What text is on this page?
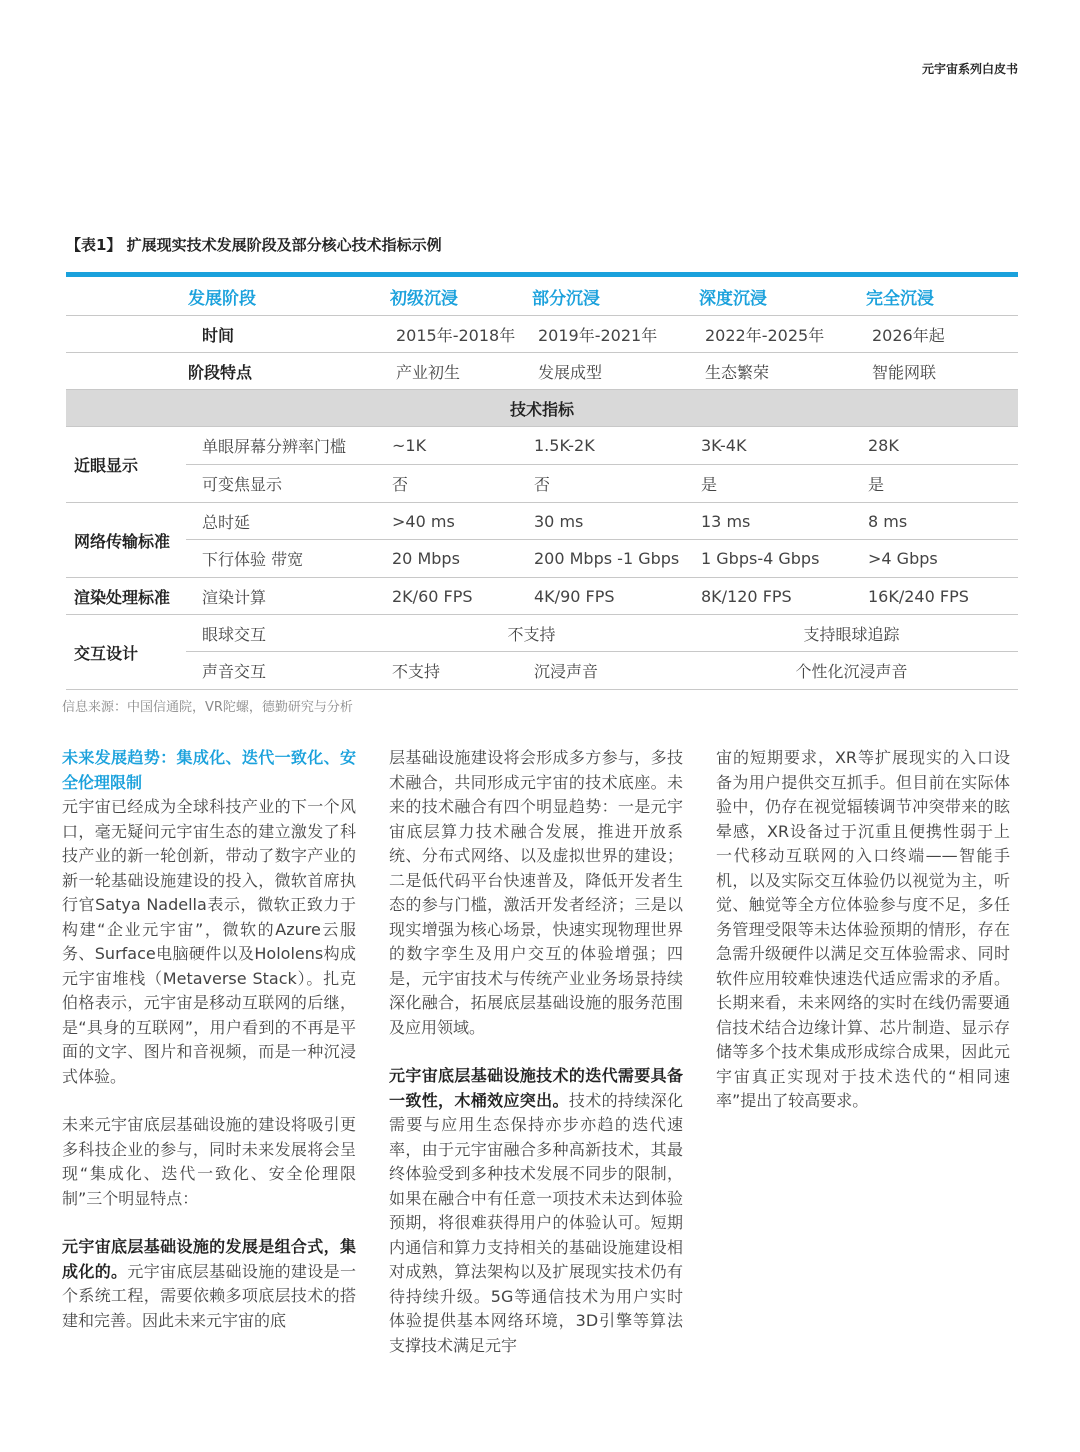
元宇宙系列白皮书
【表1】 扩展现实技术发展阶段及部分核心技术指标示例
	发展阶段	初级沉浸	部分沉浸	深度沉浸	完全沉浸
	时间	2015年-2018年	2019年-2021年	2022年-2025年	2026年起
	阶段特点	产业初生	发展成型	生态繁荣	智能网联
技术指标					
近眼显示	单眼屏幕分辨率门槛	~1K	1.5K-2K	3K-4K	28K
	可变焦显示	否	否	是	是
网络传输标准	总时延	>40 ms	30 ms	13 ms	8 ms
	下行体验 带宽	20 Mbps	200 Mbps -1 Gbps	1 Gbps-4 Gbps	>4 Gbps
渲染处理标准	渲染计算	2K/60 FPS	4K/90 FPS	8K/120 FPS	16K/240 FPS
交互设计	眼球交互	不支持		支持眼球追踪	
	声音交互	不支持	沉浸声音	个性化沉浸声音	
信息来源：中国信通院，VR陀螺，德勤研究与分析

未来发展趋势：集成化、迭代一致化、安全伦理限制

元宇宙已经成为全球科技产业的下一个风口，毫无疑问元宇宙生态的建立激发了科技产业的新一轮创新，带动了数字产业的新一轮基础设施建设的投入，微软首席执行官Satya Nadella表示，微软正致力于构建“企业元宇宙”，微软的Azure云服务、Surface电脑硬件以及Hololens构成元宇宙堆栈（Metaverse Stack）。扎克伯格表示，元宇宙是移动互联网的后继，是“具身的互联网”，用户看到的不再是平面的文字、图片和音视频，而是一种沉浸式体验。

未来元宇宙底层基础设施的建设将吸引更多科技企业的参与，同时未来发展将会呈现“集成化、迭代一致化、安全伦理限制”三个明显特点：

元宇宙底层基础设施的发展是组合式，集成化的。元宇宙底层基础设施的建设是一个系统工程，需要依赖多项底层技术的搭建和完善。因此未来元宇宙的底

层基础设施建设将会形成多方参与，多技术融合，共同形成元宇宙的技术底座。未来的技术融合有四个明显趋势：一是元宇宙底层算力技术融合发展，推进开放系统、分布式网络、以及虚拟世界的建设；二是低代码平台快速普及，降低开发者生态的参与门槛，激活开发者经济；三是以现实增强为核心场景，快速实现物理世界的数字孪生及用户交互的体验增强；四是，元宇宙技术与传统产业业务场景持续深化融合，拓展底层基础设施的服务范围及应用领域。

元宇宙底层基础设施技术的迭代需要具备一致性，木桶效应突出。技术的持续深化需要与应用生态保持亦步亦趋的迭代速率，由于元宇宙融合多种高新技术，其最终体验受到多种技术发展不同步的限制，如果在融合中有任意一项技术未达到体验预期，将很难获得用户的体验认可。短期内通信和算力支持相关的基础设施建设相对成熟，算法架构以及扩展现实技术仍有待持续升级。5G等通信技术为用户实时体验提供基本网络环境，3D引擎等算法支撑技术满足元宇

宙的短期要求，XR等扩展现实的入口设备为用户提供交互抓手。但目前在实际体验中，仍存在视觉辐辏调节冲突带来的眩晕感，XR设备过于沉重且便携性弱于上一代移动互联网的入口终端——智能手机，以及实际交互体验仍以视觉为主，听觉、触觉等全方位体验参与度不足，多任务管理受限等未达体验预期的情形，存在急需升级硬件以满足交互体验需求、同时软件应用较难快速迭代适应需求的矛盾。长期来看，未来网络的实时在线仍需要通信技术结合边缘计算、芯片制造、显示存储等多个技术集成形成综合成果，因此元宇宙真正实现对于技术迭代的“相同速率”提出了较高要求。
